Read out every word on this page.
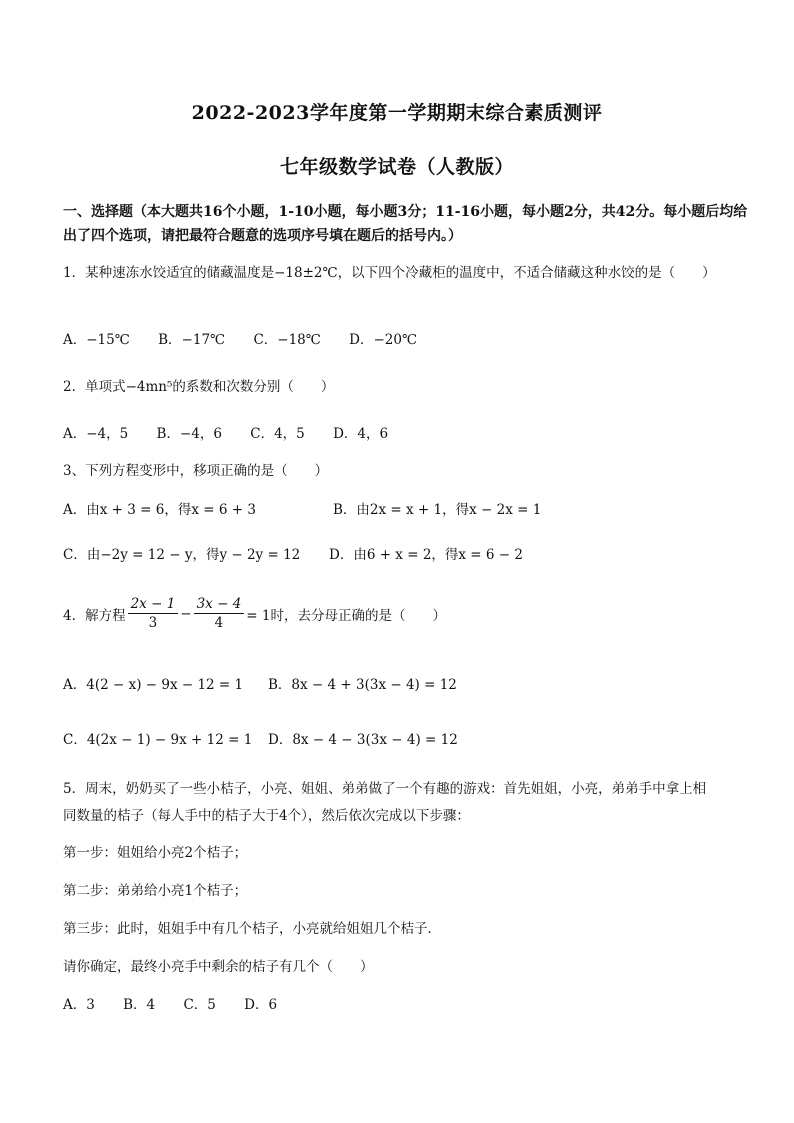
2022-2023学年度第一学期期末综合素质测评
七年级数学试卷（人教版）
一、选择题（本大题共16个小题，1-10小题，每小题3分；11-16小题，每小题2分，共42分。每小题后均给出了四个选项，请把最符合题意的选项序号填在题后的括号内。）
1．某种速冻水饺适宜的储藏温度是−18±2℃，以下四个冷藏柜的温度中，不适合储藏这种水饺的是（　　）
A．−15℃ B．−17℃ C．−18℃ D．−20℃
2．单项式−4mn⁵的系数和次数分别（　　）
A．−4，5 B．−4，6 C．4，5 D．4，6
3、下列方程变形中，移项正确的是（　　）
A．由x + 3 = 6，得x = 6 + 3	B．由2x = x + 1，得x − 2x = 1
C．由−2y = 12 − y，得y − 2y = 12 D．由6 + x = 2，得x = 6 − 2
4．解方程 $\frac{2x - 1}{3} - \frac{3x - 4}{4} = 1$时，去分母正确的是（　　）
A．4(2 − x) − 9x − 12 = 1 B．8x − 4 + 3(3x − 4) = 12
C．4(2x − 1) − 9x + 12 = 1 D．8x − 4 − 3(3x − 4) = 12
5．周末，奶奶买了一些小桔子，小亮、姐姐、弟弟做了一个有趣的游戏：首先姐姐，小亮，弟弟手中拿上相
同数量的桔子（每人手中的桔子大于4个），然后依次完成以下步骤：
第一步：姐姐给小亮2个桔子；
第二步：弟弟给小亮1个桔子；
第三步：此时，姐姐手中有几个桔子，小亮就给姐姐几个桔子．
请你确定，最终小亮手中剩余的桔子有几个（　　）
A．3 B．4 C．5 D．6
